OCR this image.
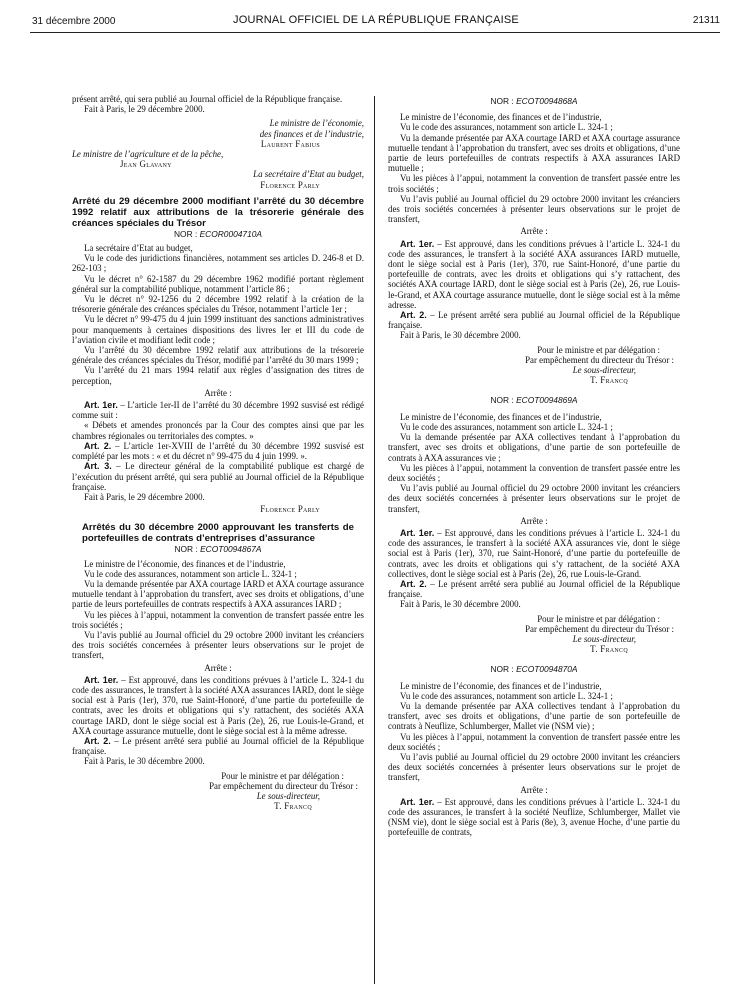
31 décembre 2000	JOURNAL OFFICIEL DE LA RÉPUBLIQUE FRANÇAISE	21311

présent arrêté, qui sera publié au Journal officiel de la République française.

Fait à Paris, le 29 décembre 2000.

Le ministre de l’économie,

des finances et de l’industrie,

Laurent Fabius

Le ministre de l’agriculture et de la pêche,

Jean Glavany

La secrétaire d’Etat au budget,

Florence Parly

Arrêté du 29 décembre 2000 modifiant l’arrêté du 30 décembre 1992 relatif aux attributions de la trésorerie générale des créances spéciales du Trésor

NOR : ECOR0004710A

La secrétaire d’Etat au budget,

Vu le code des juridictions financières, notamment ses articles D. 246-8 et D. 262-103 ;

Vu le décret n° 62-1587 du 29 décembre 1962 modifié portant règlement général sur la comptabilité publique, notamment l’article 86 ;

Vu le décret n° 92-1256 du 2 décembre 1992 relatif à la création de la trésorerie générale des créances spéciales du Trésor, notamment l’article 1er ;

Vu le décret n° 99-475 du 4 juin 1999 instituant des sanctions administratives pour manquements à certaines dispositions des livres Ier et III du code de l’aviation civile et modifiant ledit code ;

Vu l’arrêté du 30 décembre 1992 relatif aux attributions de la trésorerie générale des créances spéciales du Trésor, modifié par l’arrêté du 30 mars 1999 ;

Vu l’arrêté du 21 mars 1994 relatif aux règles d’assignation des titres de perception,

Arrête :

Art. 1er. – L’article 1er-II de l’arrêté du 30 décembre 1992 susvisé est rédigé comme suit :

« Débets et amendes prononcés par la Cour des comptes ainsi que par les chambres régionales ou territoriales des comptes. »

Art. 2. – L’article 1er-XVIII de l’arrêté du 30 décembre 1992 susvisé est complété par les mots : « et du décret n° 99-475 du 4 juin 1999. ».

Art. 3. – Le directeur général de la comptabilité publique est chargé de l’exécution du présent arrêté, qui sera publié au Journal officiel de la République française.

Fait à Paris, le 29 décembre 2000.

Florence Parly

Arrêtés du 30 décembre 2000 approuvant les transferts de portefeuilles de contrats d’entreprises d’assurance

NOR : ECOT0094867A

Le ministre de l’économie, des finances et de l’industrie,

Vu le code des assurances, notamment son article L. 324-1 ;

Vu la demande présentée par AXA courtage IARD et AXA courtage assurance mutuelle tendant à l’approbation du transfert, avec ses droits et obligations, d’une partie de leurs portefeuilles de contrats respectifs à AXA assurances IARD ;

Vu les pièces à l’appui, notamment la convention de transfert passée entre les trois sociétés ;

Vu l’avis publié au Journal officiel du 29 octobre 2000 invitant les créanciers des trois sociétés concernées à présenter leurs observations sur le projet de transfert,

Arrête :

Art. 1er. – Est approuvé, dans les conditions prévues à l’article L. 324-1 du code des assurances, le transfert à la société AXA assurances IARD, dont le siège social est à Paris (1er), 370, rue Saint-Honoré, d’une partie du portefeuille de contrats, avec les droits et obligations qui s’y rattachent, des sociétés AXA courtage IARD, dont le siège social est à Paris (2e), 26, rue Louis-le-Grand, et AXA courtage assurance mutuelle, dont le siège social est à la même adresse.

Art. 2. – Le présent arrêté sera publié au Journal officiel de la République française.

Fait à Paris, le 30 décembre 2000.

Pour le ministre et par délégation :

Par empêchement du directeur du Trésor :

Le sous-directeur,

T. Francq

NOR : ECOT0094868A

Le ministre de l’économie, des finances et de l’industrie,

Vu le code des assurances, notamment son article L. 324-1 ;

Vu la demande présentée par AXA courtage IARD et AXA courtage assurance mutuelle tendant à l’approbation du transfert, avec ses droits et obligations, d’une partie de leurs portefeuilles de contrats respectifs à AXA assurances IARD mutuelle ;

Vu les pièces à l’appui, notamment la convention de transfert passée entre les trois sociétés ;

Vu l’avis publié au Journal officiel du 29 octobre 2000 invitant les créanciers des trois sociétés concernées à présenter leurs observations sur le projet de transfert,

Arrête :

Art. 1er. – Est approuvé, dans les conditions prévues à l’article L. 324-1 du code des assurances, le transfert à la société AXA assurances IARD mutuelle, dont le siège social est à Paris (1er), 370, rue Saint-Honoré, d’une partie du portefeuille de contrats, avec les droits et obligations qui s’y rattachent, des sociétés AXA courtage IARD, dont le siège social est à Paris (2e), 26, rue Louis-le-Grand, et AXA courtage assurance mutuelle, dont le siège social est à la même adresse.

Art. 2. – Le présent arrêté sera publié au Journal officiel de la République française.

Fait à Paris, le 30 décembre 2000.

Pour le ministre et par délégation :

Par empêchement du directeur du Trésor :

Le sous-directeur,

T. Francq

NOR : ECOT0094869A

Le ministre de l’économie, des finances et de l’industrie,

Vu le code des assurances, notamment son article L. 324-1 ;

Vu la demande présentée par AXA collectives tendant à l’approbation du transfert, avec ses droits et obligations, d’une partie de son portefeuille de contrats à AXA assurances vie ;

Vu les pièces à l’appui, notamment la convention de transfert passée entre les deux sociétés ;

Vu l’avis publié au Journal officiel du 29 octobre 2000 invitant les créanciers des deux sociétés concernées à présenter leurs observations sur le projet de transfert,

Arrête :

Art. 1er. – Est approuvé, dans les conditions prévues à l’article L. 324-1 du code des assurances, le transfert à la société AXA assurances vie, dont le siège social est à Paris (1er), 370, rue Saint-Honoré, d’une partie du portefeuille de contrats, avec les droits et obligations qui s’y rattachent, de la société AXA collectives, dont le siège social est à Paris (2e), 26, rue Louis-le-Grand.

Art. 2. – Le présent arrêté sera publié au Journal officiel de la République française.

Fait à Paris, le 30 décembre 2000.

Pour le ministre et par délégation :

Par empêchement du directeur du Trésor :

Le sous-directeur,

T. Francq

NOR : ECOT0094870A

Le ministre de l’économie, des finances et de l’industrie,

Vu le code des assurances, notamment son article L. 324-1 ;

Vu la demande présentée par AXA collectives tendant à l’approbation du transfert, avec ses droits et obligations, d’une partie de son portefeuille de contrats à Neuflize, Schlumberger, Mallet vie (NSM vie) ;

Vu les pièces à l’appui, notamment la convention de transfert passée entre les deux sociétés ;

Vu l’avis publié au Journal officiel du 29 octobre 2000 invitant les créanciers des deux sociétés concernées à présenter leurs observations sur le projet de transfert,

Arrête :

Art. 1er. – Est approuvé, dans les conditions prévues à l’article L. 324-1 du code des assurances, le transfert à la société Neuflize, Schlumberger, Mallet vie (NSM vie), dont le siège social est à Paris (8e), 3, avenue Hoche, d’une partie du portefeuille de contrats,
